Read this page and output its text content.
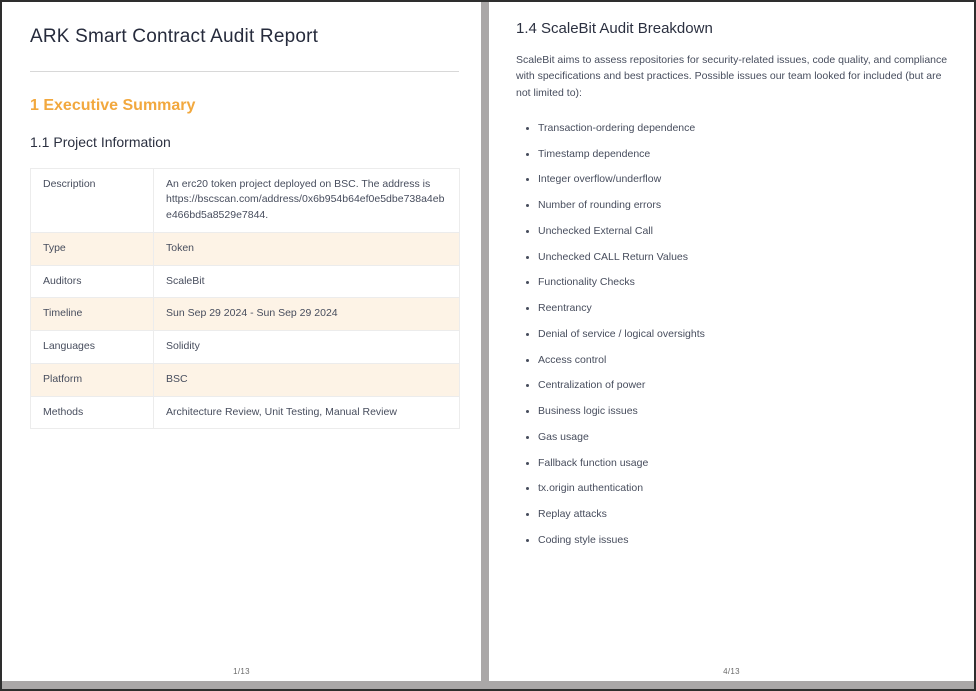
ARK Smart Contract Audit Report
1 Executive Summary
1.1 Project Information
Description	An erc20 token project deployed on BSC. The address is https://bscscan.com/address/0x6b954b64ef0e5dbe738a4ebe466bd5a8529e7844.
Type	Token
Auditors	ScaleBit
Timeline	Sun Sep 29 2024 - Sun Sep 29 2024
Languages	Solidity
Platform	BSC
Methods	Architecture Review, Unit Testing, Manual Review
1/13
1.4 ScaleBit Audit Breakdown

ScaleBit aims to assess repositories for security-related issues, code quality, and compliance with specifications and best practices. Possible issues our team looked for included (but are not limited to):

• Transaction-ordering dependence
• Timestamp dependence
• Integer overflow/underflow
• Number of rounding errors
• Unchecked External Call
• Unchecked CALL Return Values
• Functionality Checks
• Reentrancy
• Denial of service / logical oversights
• Access control
• Centralization of power
• Business logic issues
• Gas usage
• Fallback function usage
• tx.origin authentication
• Replay attacks
• Coding style issues
4/13
